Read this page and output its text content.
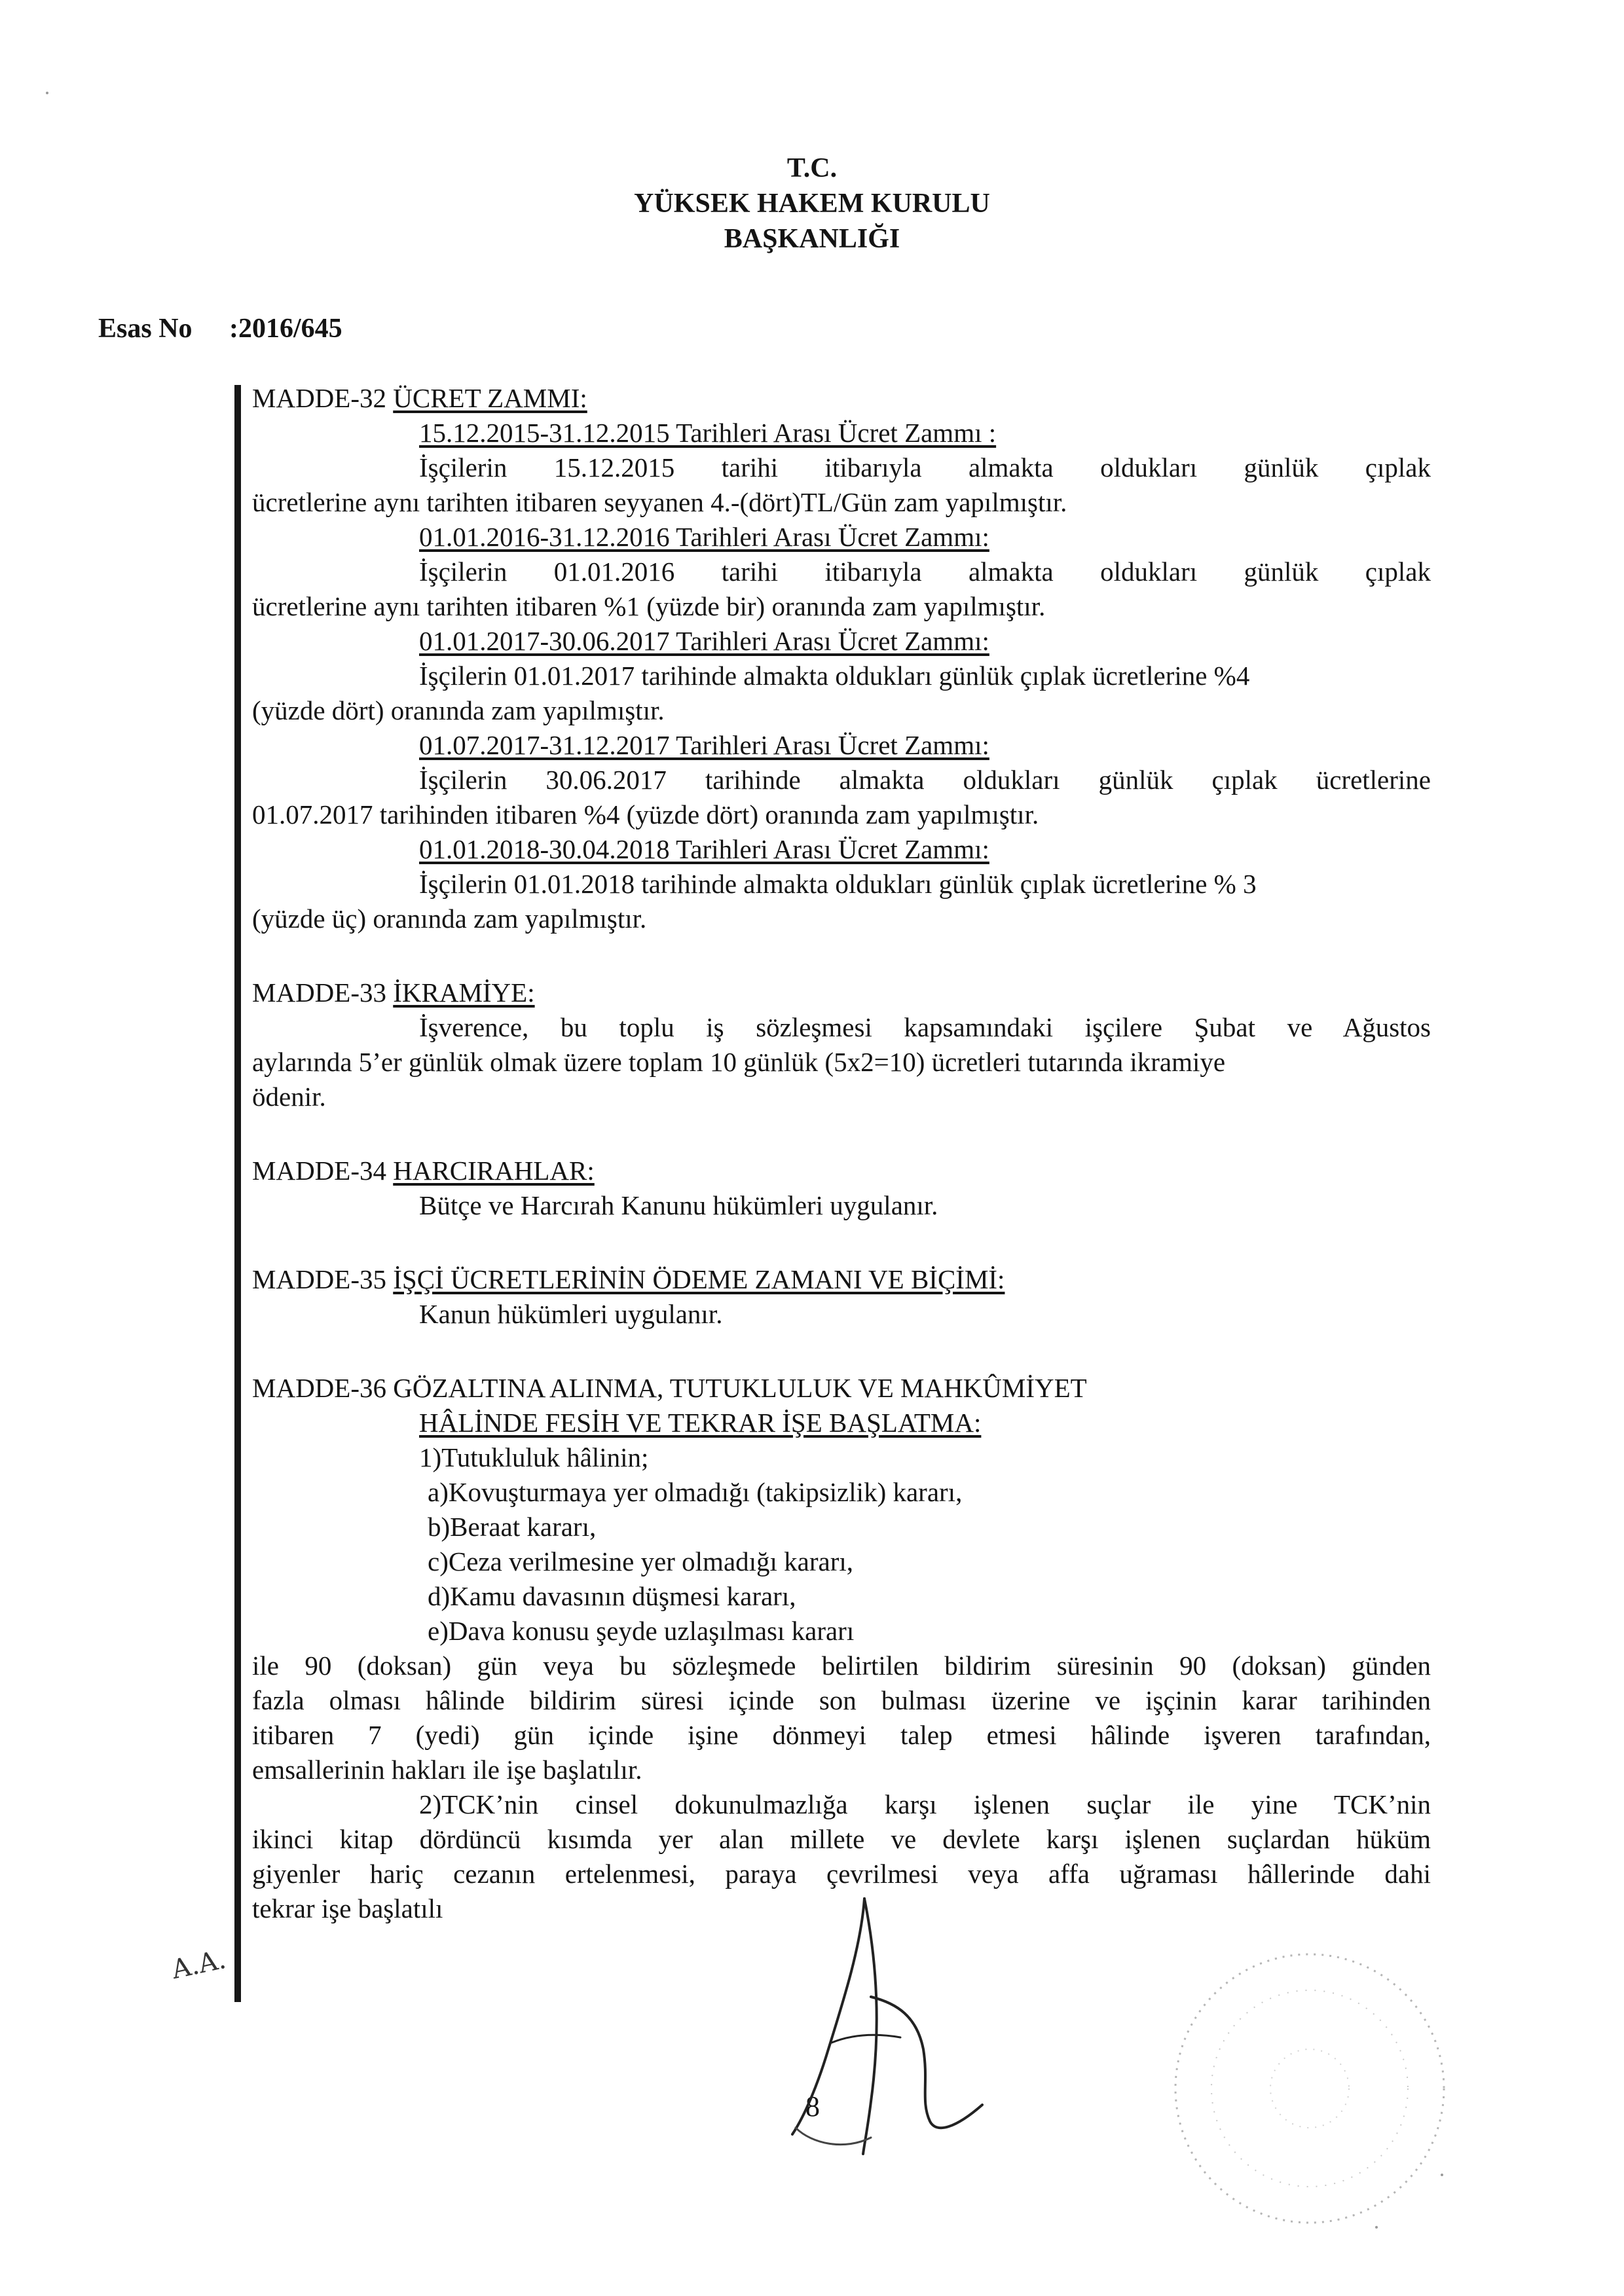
T.C.
YÜKSEK HAKEM KURULU
BAŞKANLIĞI
Esas No :2016/645
MADDE-32 ÜCRET ZAMMI:
15.12.2015-31.12.2015 Tarihleri Arası Ücret Zammı :
İşçilerin 15.12.2015 tarihi itibarıyla almakta oldukları günlük çıplak
ücretlerine aynı tarihten itibaren seyyanen 4.-(dört)TL/Gün zam yapılmıştır.
01.01.2016-31.12.2016 Tarihleri Arası Ücret Zammı:
İşçilerin 01.01.2016 tarihi itibarıyla almakta oldukları günlük çıplak
ücretlerine aynı tarihten itibaren %1 (yüzde bir) oranında zam yapılmıştır.
01.01.2017-30.06.2017 Tarihleri Arası Ücret Zammı:
İşçilerin 01.01.2017 tarihinde almakta oldukları günlük çıplak ücretlerine %4
(yüzde dört) oranında zam yapılmıştır.
01.07.2017-31.12.2017 Tarihleri Arası Ücret Zammı:
İşçilerin 30.06.2017 tarihinde almakta oldukları günlük çıplak ücretlerine
01.07.2017 tarihinden itibaren %4 (yüzde dört) oranında zam yapılmıştır.
01.01.2018-30.04.2018 Tarihleri Arası Ücret Zammı:
İşçilerin 01.01.2018 tarihinde almakta oldukları günlük çıplak ücretlerine % 3
(yüzde üç) oranında zam yapılmıştır.
MADDE-33 İKRAMİYE:
İşverence, bu toplu iş sözleşmesi kapsamındaki işçilere Şubat ve Ağustos
aylarında 5’er günlük olmak üzere toplam 10 günlük (5x2=10) ücretleri tutarında ikramiye
ödenir.
MADDE-34 HARCIRAHLAR:
Bütçe ve Harcırah Kanunu hükümleri uygulanır.
MADDE-35 İŞÇİ ÜCRETLERİNİN ÖDEME ZAMANI VE BİÇİMİ:
Kanun hükümleri uygulanır.
MADDE-36 GÖZALTINA ALINMA, TUTUKLULUK VE MAHKÛMİYET
HÂLİNDE FESİH VE TEKRAR İŞE BAŞLATMA:
1)Tutukluluk hâlinin;
a)Kovuşturmaya yer olmadığı (takipsizlik) kararı,
b)Beraat kararı,
c)Ceza verilmesine yer olmadığı kararı,
d)Kamu davasının düşmesi kararı,
e)Dava konusu şeyde uzlaşılması kararı
ile 90 (doksan) gün veya bu sözleşmede belirtilen bildirim süresinin 90 (doksan) günden
fazla olması hâlinde bildirim süresi içinde son bulması üzerine ve işçinin karar tarihinden
itibaren 7 (yedi) gün içinde işine dönmeyi talep etmesi hâlinde işveren tarafından,
emsallerinin hakları ile işe başlatılır.
2)TCK’nin cinsel dokunulmazlığa karşı işlenen suçlar ile yine TCK’nin
ikinci kitap dördüncü kısımda yer alan millete ve devlete karşı işlenen suçlardan hüküm
giyenler hariç cezanın ertelenmesi, paraya çevrilmesi veya affa uğraması hâllerinde dahi
tekrar işe başlatılı
A.A.
8
